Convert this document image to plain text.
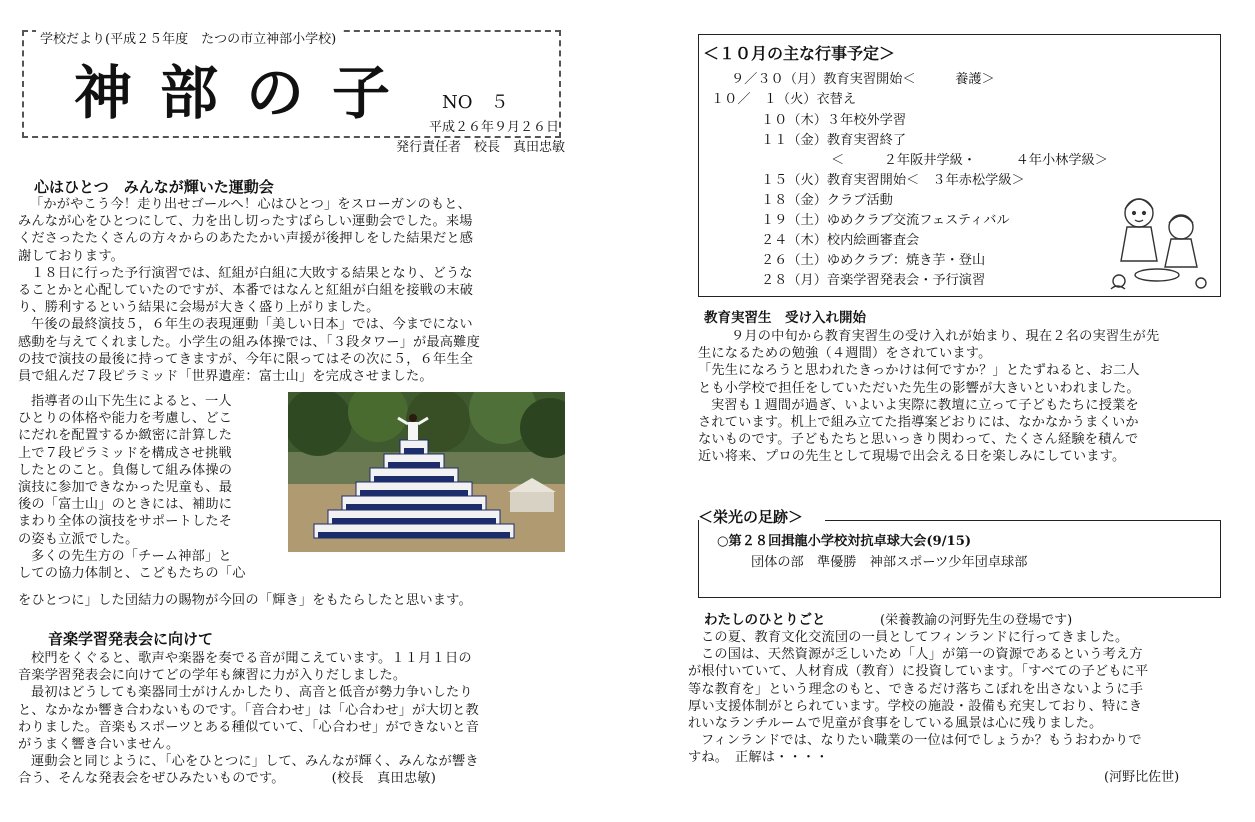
学校だより(平成２５年度　たつの市立神部小学校)
神部の子 NO　５
平成２６年９月２６日
発行責任者　校長　真田忠敏
心はひとつ　みんなが輝いた運動会

「かがやこう今！走り出せゴールへ！心はひとつ」をスローガンのもと、

みんなが心をひとつにして、力を出し切ったすばらしい運動会でした。来場

くださったたくさんの方々からのあたたかい声援が後押しをした結果だと感

謝しております。

１８日に行った予行演習では、紅組が白組に大敗する結果となり、どうな

ることかと心配していたのですが、本番ではなんと紅組が白組を接戦の末破

り、勝利するという結果に会場が大きく盛り上がりました。

午後の最終演技５，６年生の表現運動「美しい日本」では、今までにない

感動を与えてくれました。小学生の組み体操では、「３段タワー」が最高難度

の技で演技の最後に持ってきますが、今年に限ってはその次に５，６年生全

員で組んだ７段ピラミッド「世界遺産：富士山」を完成させました。

指導者の山下先生によると、一人

ひとりの体格や能力を考慮し、どこ

にだれを配置するか緻密に計算した

上で７段ピラミッドを構成させ挑戦

したとのこと。負傷して組み体操の

演技に参加できなかった児童も、最

後の「富士山」のときには、補助に

まわり全体の演技をサポートしたそ

の姿も立派でした。

多くの先生方の「チーム神部」と

しての協力体制と、こどもたちの「心

をひとつに」した団結力の賜物が今回の「輝き」をもたらしたと思います。

音楽学習発表会に向けて

校門をくぐると、歌声や楽器を奏でる音が聞こえています。１１月１日の

音楽学習発表会に向けてどの学年も練習に力が入りだしました。

最初はどうしても楽器同士がけんかしたり、高音と低音が勢力争いしたり

と、なかなか響き合わないものです。「音合わせ」は「心合わせ」が大切と教

わりました。音楽もスポーツとある種似ていて、「心合わせ」ができないと音

がうまく響き合いません。

運動会と同じように、「心をひとつに」して、みんなが輝く、みんなが響き

合う、そんな発表会をぜひみたいものです。　　　　(校長　真田忠敏)

＜１０月の主な行事予定＞
９／３０（月）教育実習開始＜　　　養護＞
１０／　１（火）衣替え
１０（木）３年校外学習
１１（金）教育実習終了
＜　　　２年阪井学級・　　　４年小林学級＞
１５（火）教育実習開始＜　３年赤松学級＞
１８（金）クラブ活動
１９（土）ゆめクラブ交流フェスティバル
２４（木）校内絵画審査会
２６（土）ゆめクラブ：焼き芋・登山
２８（月）音楽学習発表会・予行演習
教育実習生　受け入れ開始

９月の中旬から教育実習生の受け入れが始まり、現在２名の実習生が先

生になるための勉強（４週間）をされています。

「先生になろうと思われたきっかけは何ですか？」とたずねると、お二人

とも小学校で担任をしていただいた先生の影響が大きいといわれました。

実習も１週間が過ぎ、いよいよ実際に教壇に立って子どもたちに授業を

されています。机上で組み立てた指導案どおりには、なかなかうまくいか

ないものです。子どもたちと思いっきり関わって、たくさん経験を積んで

近い将来、プロの先生として現場で出会える日を楽しみにしています。

＜栄光の足跡＞
○第２８回揖龍小学校対抗卓球大会(9/15)
団体の部　準優勝　神部スポーツ少年団卓球部
わたしのひとりごと	(栄養教諭の河野先生の登場です)

この夏、教育文化交流団の一員としてフィンランドに行ってきました。

この国は、天然資源が乏しいため「人」が第一の資源であるという考え方

が根付いていて、人材育成（教育）に投資しています。「すべての子どもに平

等な教育を」という理念のもと、できるだけ落ちこぼれを出さないように手

厚い支援体制がとられています。学校の施設・設備も充実しており、特にき

れいなランチルームで児童が食事をしている風景は心に残りました。

フィンランドでは、なりたい職業の一位は何でしょうか？もうおわかりで

すね。　正解は・・・・

(河野比佐世)
